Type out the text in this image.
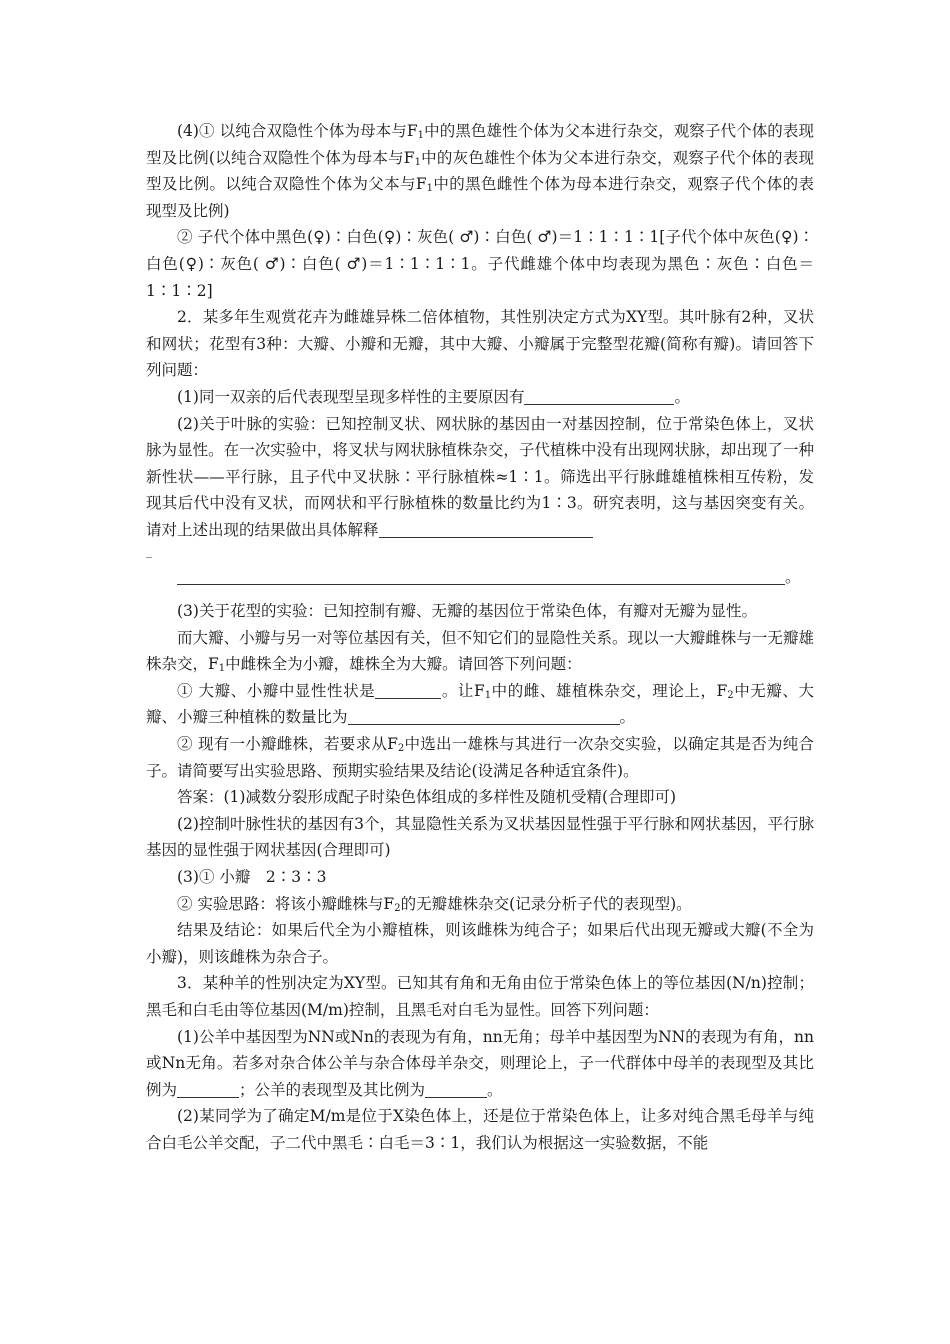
(4)① 以纯合双隐性个体为母本与$F_1$中的黑色雄性个体为父本进行杂交，观察子代个体的表现型及比例(以纯合双隐性个体为母本与$F_1$中的灰色雄性个体为父本进行杂交，观察子代个体的表现型及比例。以纯合双隐性个体为父本与$F_1$中的黑色雌性个体为母本进行杂交，观察子代个体的表现型及比例)

② 子代个体中黑色(♀)∶白色(♀)∶灰色( ♂)∶白色( ♂)＝1∶1∶1∶1[子代个体中灰色(♀)∶白色(♀)∶灰色( ♂)∶白色( ♂)＝1∶1∶1∶1。子代雌雄个体中均表现为黑色∶灰色∶白色＝1∶1∶2]

2．某多年生观赏花卉为雌雄异株二倍体植物，其性别决定方式为XY型。其叶脉有2种，叉状和网状；花型有3种：大瓣、小瓣和无瓣，其中大瓣、小瓣属于完整型花瓣(简称有瓣)。请回答下列问题：

(1)同一双亲的后代表现型呈现多样性的主要原因有	。

(2)关于叶脉的实验：已知控制叉状、网状脉的基因由一对基因控制，位于常染色体上，叉状脉为显性。在一次实验中，将叉状与网状脉植株杂交，子代植株中没有出现网状脉，却出现了一种新性状——平行脉，且子代中叉状脉∶平行脉植株≈1∶1。筛选出平行脉雌雄植株相互传粉，发现其后代中没有叉状，而网状和平行脉植株的数量比约为1∶3。研究表明，这与基因突变有关。请对上述出现的结果做出具体解释

_

。

(3)关于花型的实验：已知控制有瓣、无瓣的基因位于常染色体，有瓣对无瓣为显性。

而大瓣、小瓣与另一对等位基因有关，但不知它们的显隐性关系。现以一大瓣雌株与一无瓣雄株杂交，$F_1$中雌株全为小瓣，雄株全为大瓣。请回答下列问题：

① 大瓣、小瓣中显性性状是	。让$F_1$中的雌、雄植株杂交，理论上，$F_2$中无瓣、大瓣、小瓣三种植株的数量比为	。

② 现有一小瓣雌株，若要求从$F_2$中选出一雄株与其进行一次杂交实验，以确定其是否为纯合子。请简要写出实验思路、预期实验结果及结论(设满足各种适宜条件)。

答案：(1)减数分裂形成配子时染色体组成的多样性及随机受精(合理即可)

(2)控制叶脉性状的基因有3个，其显隐性关系为叉状基因显性强于平行脉和网状基因，平行脉基因的显性强于网状基因(合理即可)

(3)① 小瓣　2∶3∶3

② 实验思路：将该小瓣雌株与$F_2$的无瓣雄株杂交(记录分析子代的表现型)。

结果及结论：如果后代全为小瓣植株，则该雌株为纯合子；如果后代出现无瓣或大瓣(不全为小瓣)，则该雌株为杂合子。

3．某种羊的性别决定为XY型。已知其有角和无角由位于常染色体上的等位基因(N/n)控制；黑毛和白毛由等位基因(M/m)控制，且黑毛对白毛为显性。回答下列问题：

(1)公羊中基因型为NN或Nn的表现为有角，nn无角；母羊中基因型为NN的表现为有角，nn或Nn无角。若多对杂合体公羊与杂合体母羊杂交，则理论上，子一代群体中母羊的表现型及其比例为	；公羊的表现型及其比例为	。

(2)某同学为了确定M/m是位于X染色体上，还是位于常染色体上，让多对纯合黑毛母羊与纯合白毛公羊交配，子二代中黑毛∶白毛＝3∶1，我们认为根据这一实验数据，不能
